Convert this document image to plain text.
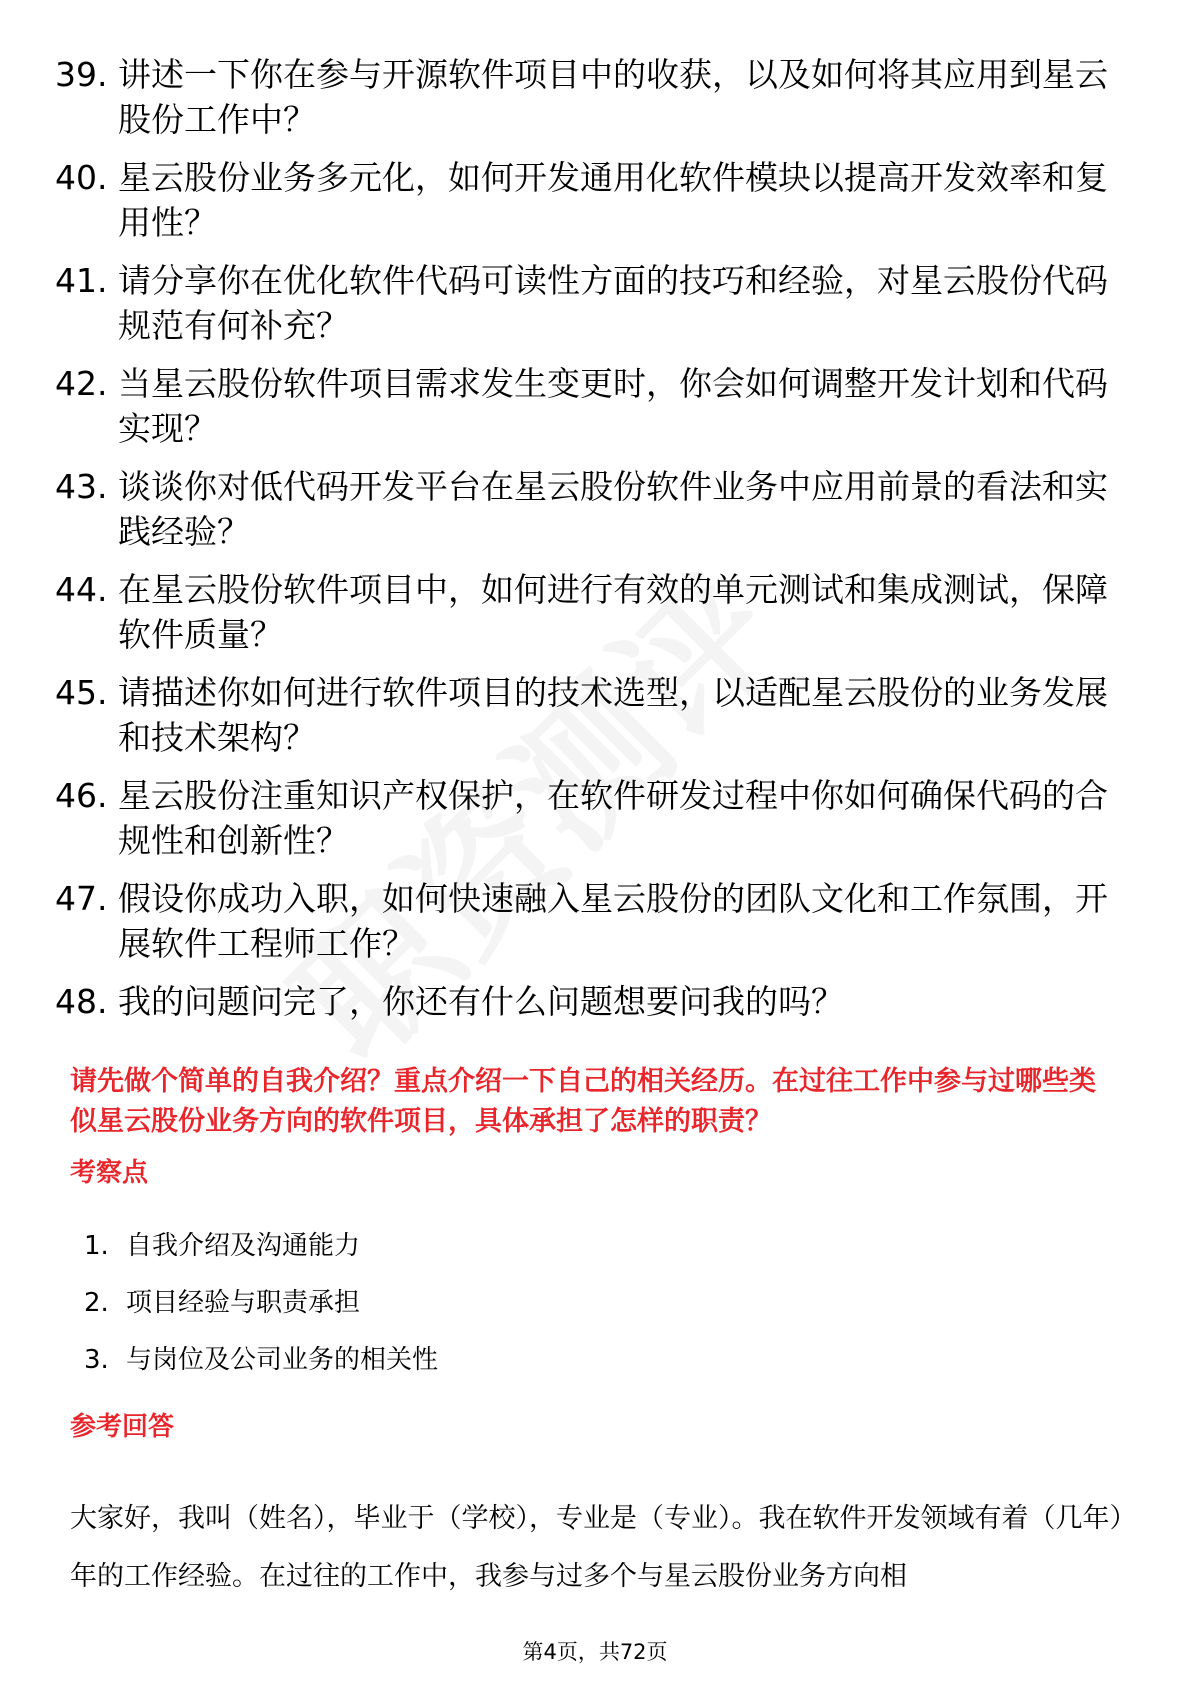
39. 讲述一下你在参与开源软件项目中的收获，以及如何将其应用到星云股份工作中？
40. 星云股份业务多元化，如何开发通用化软件模块以提高开发效率和复用性？
41. 请分享你在优化软件代码可读性方面的技巧和经验，对星云股份代码规范有何补充？
42. 当星云股份软件项目需求发生变更时，你会如何调整开发计划和代码实现？
43. 谈谈你对低代码开发平台在星云股份软件业务中应用前景的看法和实践经验？
44. 在星云股份软件项目中，如何进行有效的单元测试和集成测试，保障软件质量？
45. 请描述你如何进行软件项目的技术选型，以适配星云股份的业务发展和技术架构？
46. 星云股份注重知识产权保护，在软件研发过程中你如何确保代码的合规性和创新性？
47. 假设你成功入职，如何快速融入星云股份的团队文化和工作氛围，开展软件工程师工作？
48. 我的问题问完了，你还有什么问题想要问我的吗？
请先做个简单的自我介绍？重点介绍一下自己的相关经历。在过往工作中参与过哪些类似星云股份业务方向的软件项目，具体承担了怎样的职责？
考察点
1. 自我介绍及沟通能力
2. 项目经验与职责承担
3. 与岗位及公司业务的相关性
参考回答
大家好，我叫（姓名），毕业于（学校），专业是（专业）。我在软件开发领域有着（几年）年的工作经验。在过往的工作中，我参与过多个与星云股份业务方向相
第4页，共72页
